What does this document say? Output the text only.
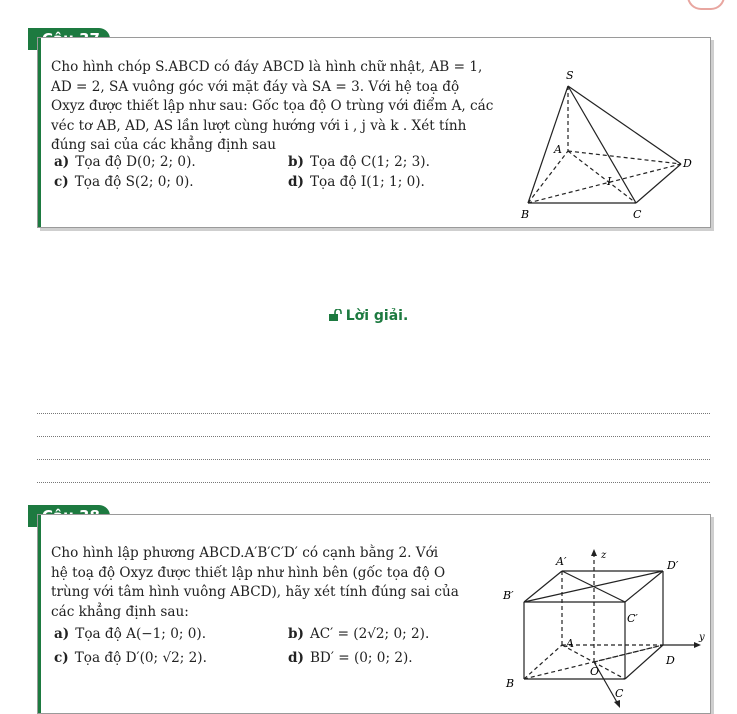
Cho hình chóp S.ABCD có đáy ABCD là hình chữ nhật, AB = 1,
AD = 2, SA vuông góc với mặt đáy và SA = 3. Với hệ toạ độ
Oxyz được thiết lập như sau: Gốc tọa độ O trùng với điểm A, các
véc tơ AB, AD, AS lần lượt cùng hướng với i , j và k . Xét tính
đúng sai của các khẳng định sau
a) Tọa độ D(0; 2; 0).	b) Tọa độ C(1; 2; 3).
c) Tọa độ S(2; 0; 0).	d) Tọa độ I(1; 1; 0).
S
A
B	C
D
I
Lời giải.
Cho hình lập phương ABCD.A′B′C′D′ có cạnh bằng 2. Với
hệ toạ độ Oxyz được thiết lập như hình bên (gốc tọa độ O
trùng với tâm hình vuông ABCD), hãy xét tính đúng sai của
các khẳng định sau:
a) Tọa độ A(−1; 0; 0).	b) AC′ = (2√2; 0; 2).
c) Tọa độ D′(0; √2; 2).	d) BD′ = (0; 0; 2).
z
y
A′
B′
C′
D′
A
B
C
D
O
